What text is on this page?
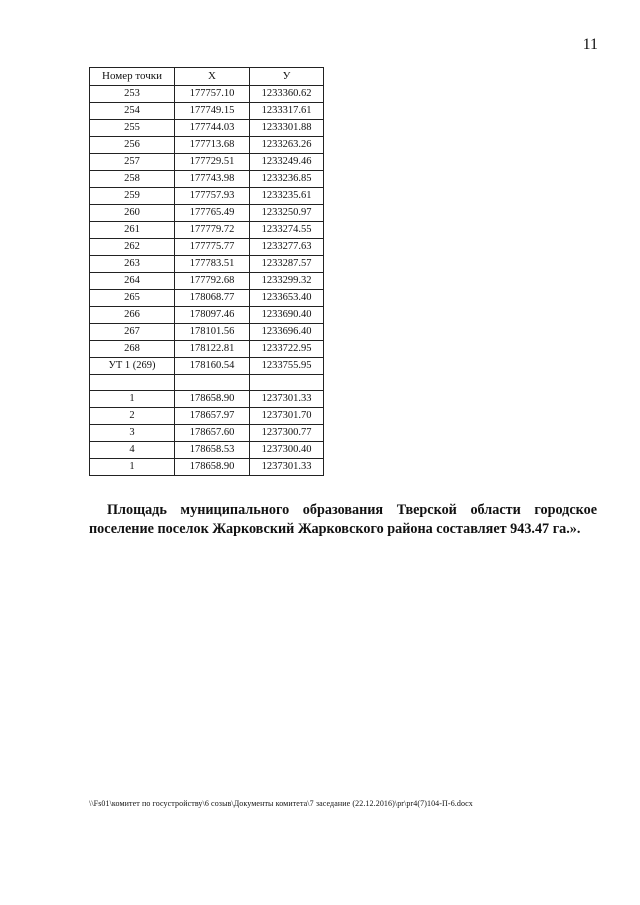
11
Номер точки	X	У
253	177757.10	1233360.62
254	177749.15	1233317.61
255	177744.03	1233301.88
256	177713.68	1233263.26
257	177729.51	1233249.46
258	177743.98	1233236.85
259	177757.93	1233235.61
260	177765.49	1233250.97
261	177779.72	1233274.55
262	177775.77	1233277.63
263	177783.51	1233287.57
264	177792.68	1233299.32
265	178068.77	1233653.40
266	178097.46	1233690.40
267	178101.56	1233696.40
268	178122.81	1233722.95
УТ 1 (269)	178160.54	1233755.95

1	178658.90	1237301.33
2	178657.97	1237301.70
3	178657.60	1237300.77
4	178658.53	1237300.40
1	178658.90	1237301.33
Площадь муниципального образования Тверской области городское поселение поселок Жарковский Жарковского района составляет 943.47 га.».
\\Fs01\комитет по госустройству\6 созыв\Документы комитета\7 заседание (22.12.2016)\pr\pr4(7)104-П-6.docx
